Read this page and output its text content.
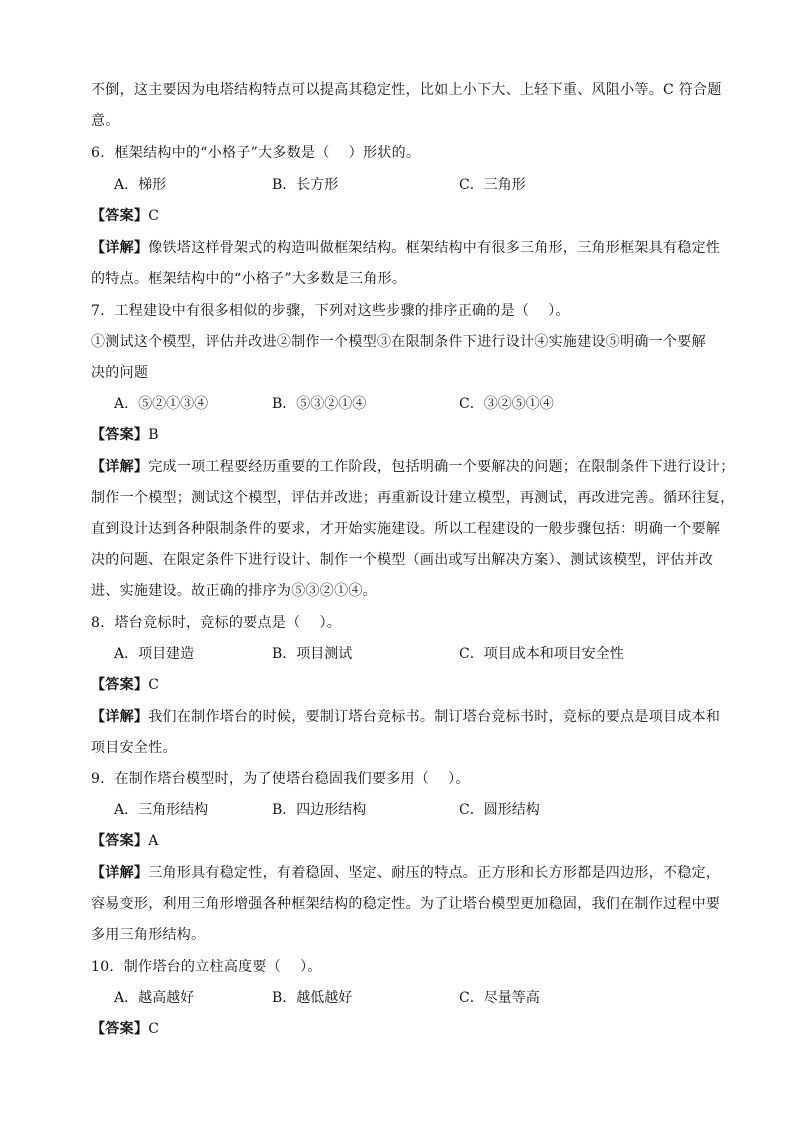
不倒，这主要因为电塔结构特点可以提高其稳定性，比如上小下大、上轻下重、风阻小等。C 符合题
意。
6．框架结构中的“小格子”大多数是（　 ）形状的。
A．梯形	B．长方形	C．三角形
【答案】C
【详解】像铁塔这样骨架式的构造叫做框架结构。框架结构中有很多三角形，三角形框架具有稳定性
的特点。框架结构中的“小格子”大多数是三角形。
7．工程建设中有很多相似的步骤，下列对这些步骤的排序正确的是（　 ）。
①测试这个模型，评估并改进②制作一个模型③在限制条件下进行设计④实施建设⑤明确一个要解
决的问题
A．⑤②①③④	B．⑤③②①④	C．③②⑤①④
【答案】B
【详解】完成一项工程要经历重要的工作阶段，包括明确一个要解决的问题；在限制条件下进行设计；
制作一个模型；测试这个模型，评估并改进；再重新设计建立模型，再测试，再改进完善。循环往复，
直到设计达到各种限制条件的要求，才开始实施建设。所以工程建设的一般步骤包括：明确一个要解
决的问题、在限定条件下进行设计、制作一个模型（画出或写出解决方案）、测试该模型，评估并改
进、实施建设。故正确的排序为⑤③②①④。
8．塔台竞标时，竞标的要点是（　 ）。
A．项目建造	B．项目测试	C．项目成本和项目安全性
【答案】C
【详解】我们在制作塔台的时候，要制订塔台竞标书。制订塔台竞标书时，竞标的要点是项目成本和
项目安全性。
9．在制作塔台模型时，为了使塔台稳固我们要多用（　 ）。
A．三角形结构	B．四边形结构	C．圆形结构
【答案】A
【详解】三角形具有稳定性，有着稳固、坚定、耐压的特点。正方形和长方形都是四边形，不稳定，
容易变形，利用三角形增强各种框架结构的稳定性。为了让塔台模型更加稳固，我们在制作过程中要
多用三角形结构。
10．制作塔台的立柱高度要（　 ）。
A．越高越好	B．越低越好	C．尽量等高
【答案】C
